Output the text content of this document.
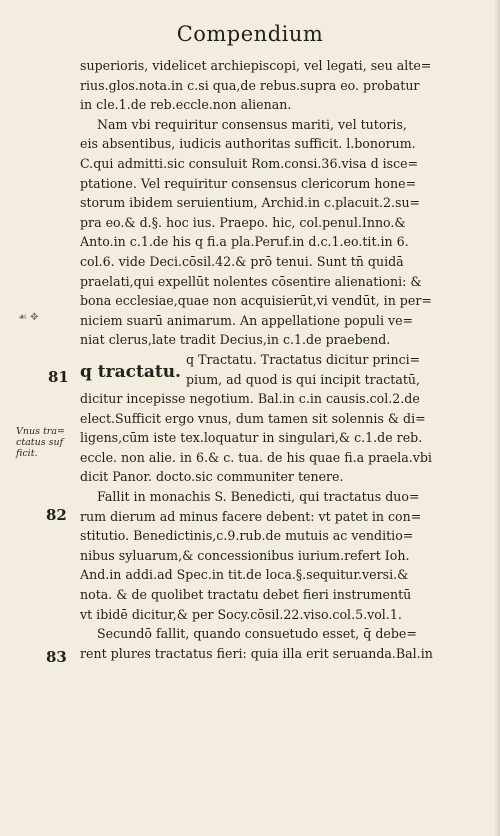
Compendium
☙ ✥
81 q tractatu.
Vnus tra=
ctatus suf
ficit.
82
83
superioris, videlicet archiepiscopi, vel legati, seu alte=
rius.glos.nota.in c.si qua,de rebus.supra eo. probatur
in cle.1.de reb.eccle.non alienan.
Nam vbi requiritur consensus mariti, vel tutoris,
eis absentibus, iudicis authoritas sufficit. l.bonorum.
C.qui admitti.sic consuluit Rom.consi.36.visa d isce=
ptatione. Vel requiritur consensus clericorum hone=
storum ibidem seruientium, Archid.in c.placuit.2.su=
pra eo.& d.§. hoc ius. Praepo. hic, col.penul.Inno.&
Anto.in c.1.de his q fi.a pla.Peruf.in d.c.1.eo.tit.in 6.
col.6. vide Deci.cōsil.42.& prō tenui. Sunt tn̄ quidā
praelati,qui expellūt nolentes cōsentire alienationi: &
bona ecclesiae,quae non acquisierūt,vi vendūt, in per=
niciem suarū animarum. An appellatione populi ve=
niat clerus,late tradit Decius,in c.1.de praebend.
q Tractatu. Tractatus dicitur princi=
pium, ad quod is qui incipit tractatū,
dicitur incepisse negotium. Bal.in c.in causis.col.2.de
elect.Sufficit ergo vnus, dum tamen sit solennis & di=
ligens,cūm iste tex.loquatur in singulari,& c.1.de reb.
eccle. non alie. in 6.& c. tua. de his quae fi.a praela.vbi
dicit Panor. docto.sic communiter tenere.
Fallit in monachis S. Benedicti, qui tractatus duo=
rum dierum ad minus facere debent: vt patet in con=
stitutio. Benedictinis,c.9.rub.de mutuis ac venditio=
nibus syluarum,& concessionibus iurium.refert Ioh.
And.in addi.ad Spec.in tit.de loca.§.sequitur.versi.&
nota. & de quolibet tractatu debet fieri instrumentū
vt ibidē dicitur,& per Socy.cōsil.22.viso.col.5.vol.1.
Secundō fallit, quando consuetudo esset, q̄ debe=
rent plures tractatus fieri: quia illa erit seruanda.Bal.in
